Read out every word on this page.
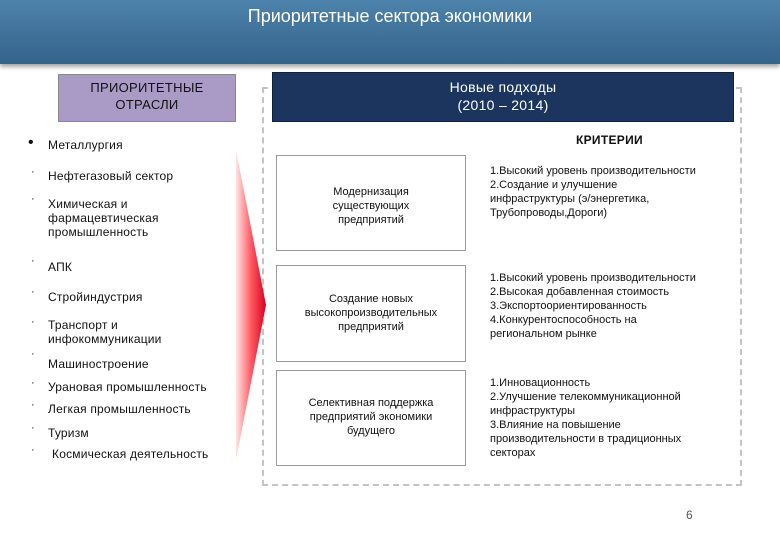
Приоритетные сектора экономики
ПРИОРИТЕТНЫЕ
ОТРАСЛИ
Новые подходы
(2010 – 2014)
КРИТЕРИИ
• Металлургия
· Нефтегазовый сектор
· Химическая и
фармацевтическая
промышленность
· АПК
· Стройиндустрия
· Транспорт и
инфокоммуникации
·
Машиностроение
· Урановая промышленность
· Легкая промышленность
· Туризм
· Космическая деятельность
Модернизация
существующих
предприятий
Создание новых
высокопроизводительных
предприятий
Селективная поддержка
предприятий экономики
будущего
1.Высокий уровень производительности
2.Создание и улучшение
инфраструктуры (э/энергетика,
Трубопроводы,Дороги)
1.Высокий уровень производительности
2.Высокая добавленная стоимость
3.Экспортоориентированность
4.Конкурентоспособность на
региональном рынке
1.Инновационность
2.Улучшение телекоммуникационной
инфраструктуры
3.Влияние на повышение
производительности в традиционных
секторах
6
